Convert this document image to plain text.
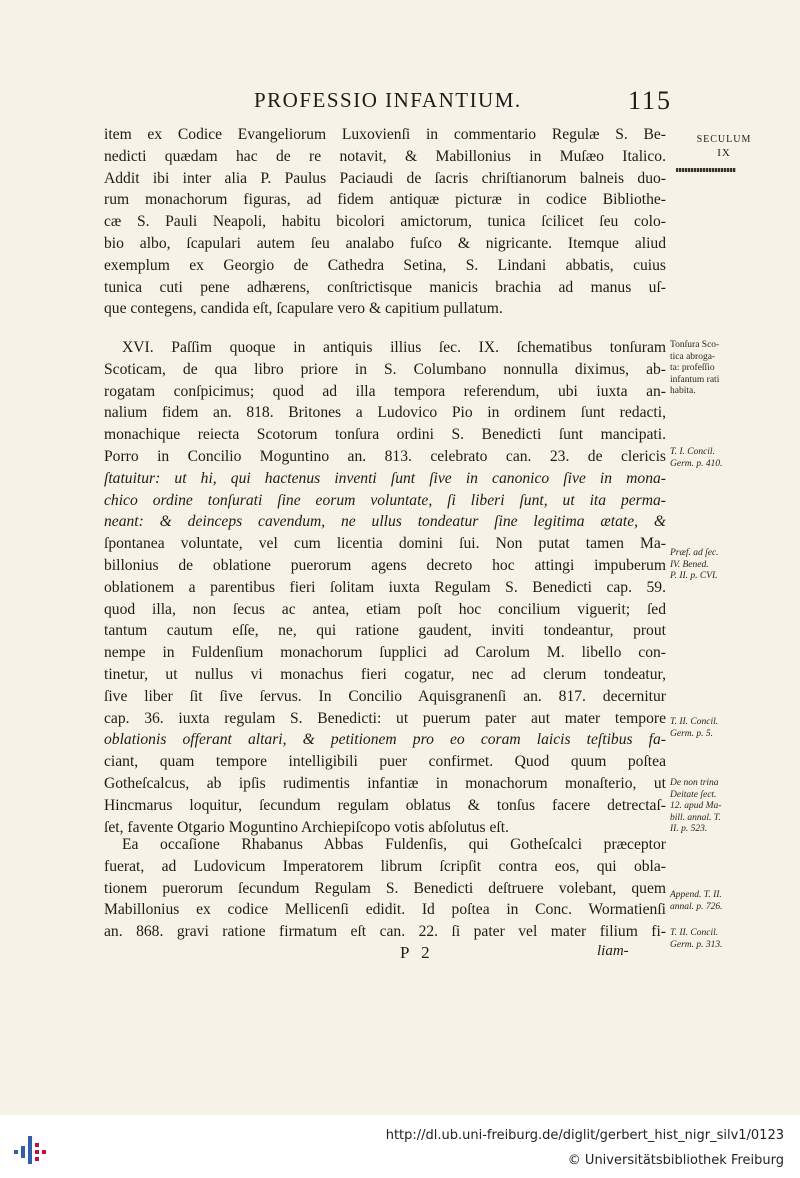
PROFESSIO INFANTIUM.	115
item ex Codice Evangeliorum Luxovienſi in commentario Regulæ S. Be-
nedicti quædam hac de re notavit, & Mabillonius in Muſæo Italico.
Addit ibi inter alia P. Paulus Paciaudi de ſacris chriſtianorum balneis duo-
rum monachorum figuras, ad fidem antiquæ picturæ in codice Bibliothe-
cæ S. Pauli Neapoli, habitu bicolori amictorum, tunica ſcilicet ſeu colo-
bio albo, ſcapulari autem ſeu analabo fuſco & nigricante. Itemque aliud
exemplum ex Georgio de Cathedra Setina, S. Lindani abbatis, cuius
tunica cuti pene adhærens, conſtrictisque manicis brachia ad manus uſ-
que contegens, candida eſt, ſcapulare vero & capitium pullatum.
XVI. Paſſim quoque in antiquis illius ſec. IX. ſchematibus tonſuram
Scoticam, de qua libro priore in S. Columbano nonnulla diximus, ab-
rogatam conſpicimus; quod ad illa tempora referendum, ubi iuxta an-
nalium fidem an. 818. Britones a Ludovico Pio in ordinem ſunt redacti,
monachique reiecta Scotorum tonſura ordini S. Benedicti ſunt mancipati.
Porro in Concilio Moguntino an. 813. celebrato can. 23. de clericis
ſtatuitur: ut hi, qui hactenus inventi ſunt ſive in canonico ſive in mona-
chico ordine tonſurati ſine eorum voluntate, ſi liberi ſunt, ut ita perma-
neant: & deinceps cavendum, ne ullus tondeatur ſine legitima ætate, &
ſpontanea voluntate, vel cum licentia domini ſui. Non putat tamen Ma-
billonius de oblatione puerorum agens decreto hoc attingi impuberum
oblationem a parentibus fieri ſolitam iuxta Regulam S. Benedicti cap. 59.
quod illa, non ſecus ac antea, etiam poſt hoc concilium viguerit; ſed
tantum cautum eſſe, ne, qui ratione gaudent, inviti tondeantur, prout
nempe in Fuldenſium monachorum ſupplici ad Carolum M. libello con-
tinetur, ut nullus vi monachus fieri cogatur, nec ad clerum tondeatur,
ſive liber ſit ſive ſervus. In Concilio Aquisgranenſi an. 817. decernitur
cap. 36. iuxta regulam S. Benedicti: ut puerum pater aut mater tempore
oblationis offerant altari, & petitionem pro eo coram laicis teſtibus fa-
ciant, quam tempore intelligibili puer confirmet. Quod quum poſtea
Gotheſcalcus, ab ipſis rudimentis infantiæ in monachorum monaſterio, ut
Hincmarus loquitur, ſecundum regulam oblatus & tonſus facere detrectaſ-
ſet, favente Otgario Moguntino Archiepiſcopo votis abſolutus eſt.
Ea occaſione Rhabanus Abbas Fuldenſis, qui Gotheſcalci præceptor
fuerat, ad Ludovicum Imperatorem librum ſcripſit contra eos, qui obla-
tionem puerorum ſecundum Regulam S. Benedicti deſtruere volebant, quem
Mabillonius ex codice Mellicenſi edidit. Id poſtea in Conc. Wormatienſi
an. 868. gravi ratione firmatum eſt can. 22. ſi pater vel mater filium fi-
P 2	liam-
SECULUM
IX
Tonſura Sco-
tica abroga-
ta: profeſſio
infantum rati
habita.
T. I. Concil.
Germ. p. 410.
Præf. ad ſec.
IV. Bened.
P. II. p. CVI.
T. II. Concil.
Germ. p. 5.
De non trina
Deitate ſect.
12. apud Ma-
bill. annal. T.
II. p. 523.
Append. T. II.
annal. p. 726.
T. II. Concil.
Germ. p. 313.
http://dl.ub.uni-freiburg.de/diglit/gerbert_hist_nigr_silv1/0123
© Universitätsbibliothek Freiburg
